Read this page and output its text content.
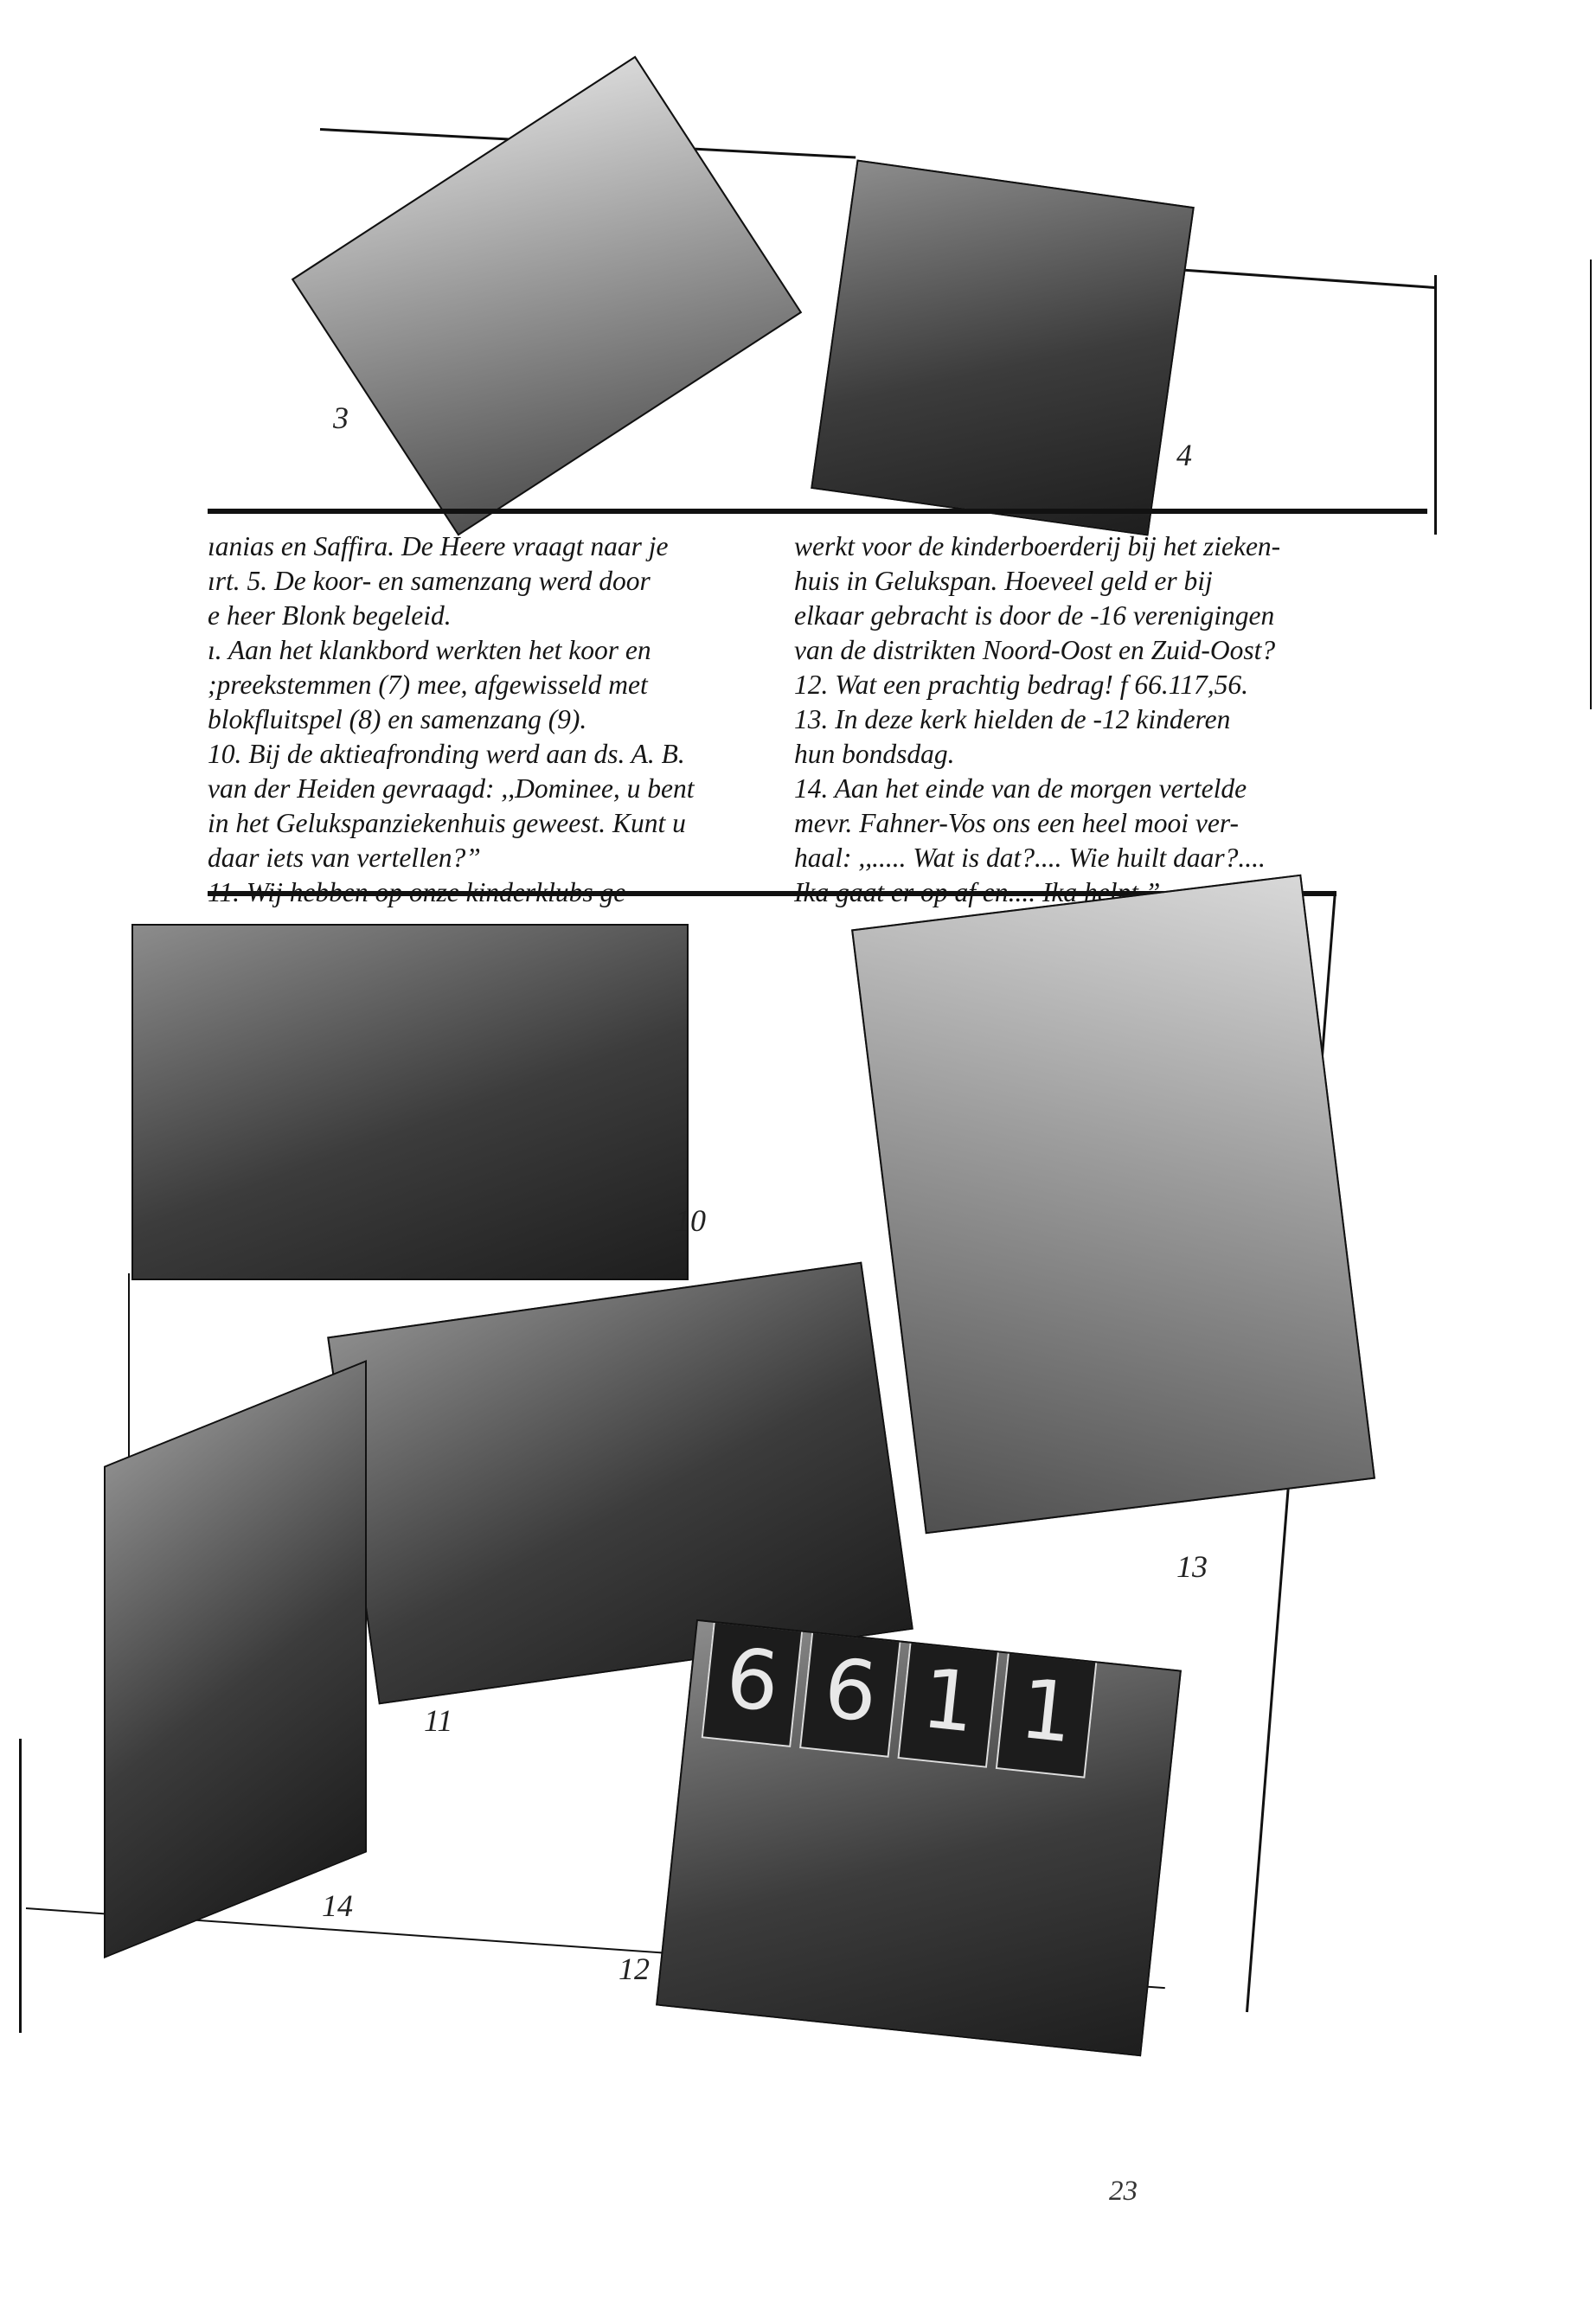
3
4

ıanias en Saffira. De Heere vraagt naar je

ırt. 5. De koor- en samenzang werd door

e heer Blonk begeleid.

ı. Aan het klankbord werkten het koor en

;preekstemmen (7) mee, afgewisseld met

blokfluitspel (8) en samenzang (9).

10. Bij de aktieafronding werd aan ds. A. B.

van der Heiden gevraagd: ,,Dominee, u bent

in het Gelukspanziekenhuis geweest. Kunt u

daar iets van vertellen?”

werkt voor de kinderboerderij bij het zieken-

huis in Gelukspan. Hoeveel geld er bij

elkaar gebracht is door de -16 verenigingen

van de distrikten Noord-Oost en Zuid-Oost?

12. Wat een prachtig bedrag! f 66.117,56.

13. In deze kerk hielden de -12 kinderen

hun bondsdag.

14. Aan het einde van de morgen vertelde

mevr. Fahner-Vos ons een heel mooi ver-

haal: ,,..... Wat is dat?.... Wie huilt daar?....

10
13
11
14
6 6 1 1
12
23
